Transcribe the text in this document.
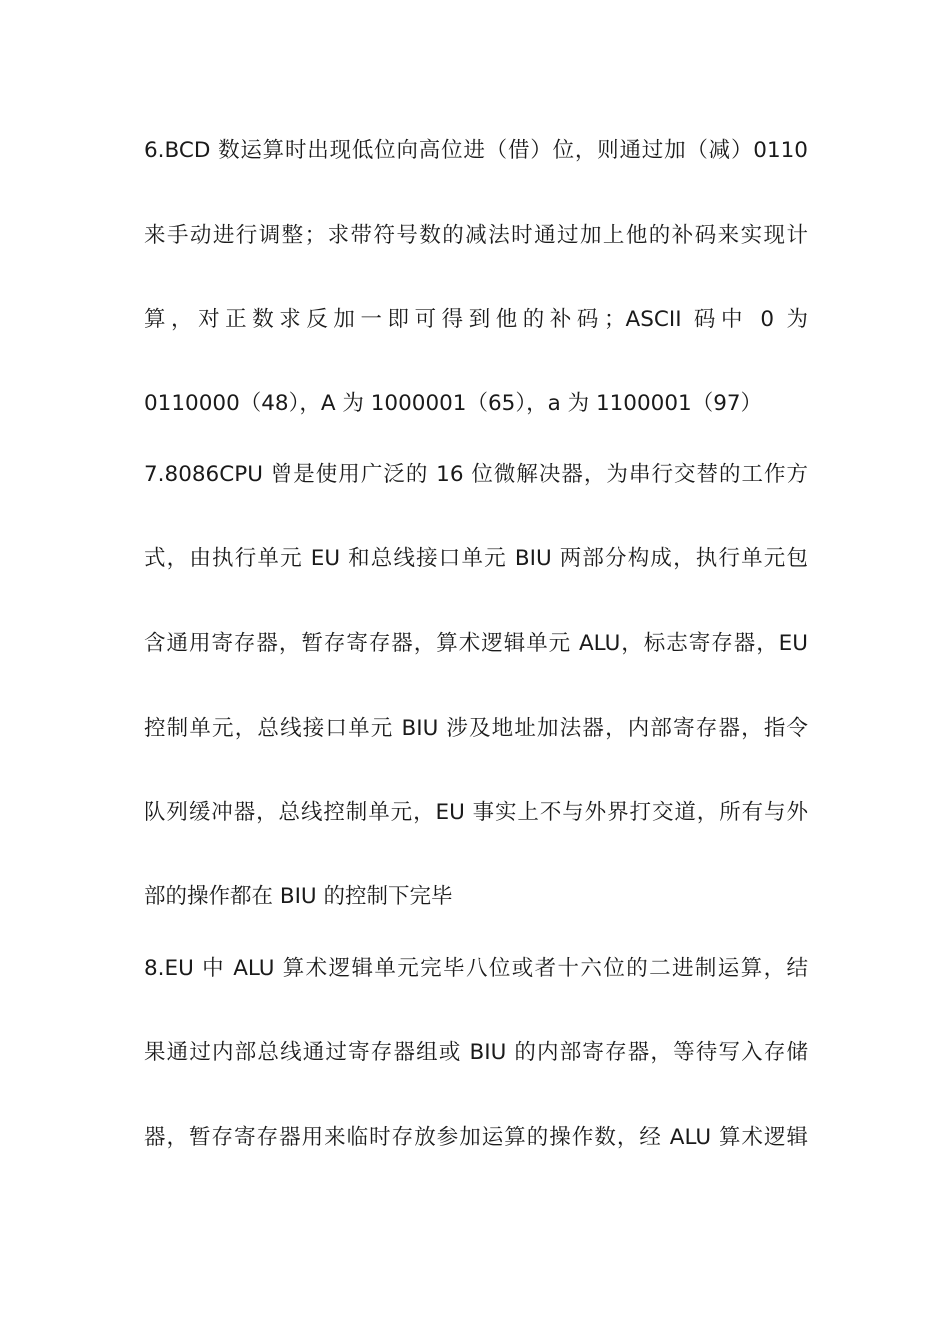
6.BCD 数运算时出现低位向高位进（借）位，则通过加（减）0110
来手动进行调整；求带符号数的减法时通过加上他的补码来实现计
算，对正数求反加一即可得到他的补码；ASCII 码中 0 为
0110000（48），A 为 1000001（65），a 为 1100001（97）
7.8086CPU 曾是使用广泛的 16 位微解决器，为串行交替的工作方
式，由执行单元 EU 和总线接口单元 BIU 两部分构成，执行单元包
含通用寄存器，暂存寄存器，算术逻辑单元 ALU，标志寄存器，EU
控制单元，总线接口单元 BIU 涉及地址加法器，内部寄存器，指令
队列缓冲器，总线控制单元，EU 事实上不与外界打交道，所有与外
部的操作都在 BIU 的控制下完毕
8.EU 中 ALU 算术逻辑单元完毕八位或者十六位的二进制运算，结
果通过内部总线通过寄存器组或 BIU 的内部寄存器，等待写入存储
器，暂存寄存器用来临时存放参加运算的操作数，经 ALU 算术逻辑
